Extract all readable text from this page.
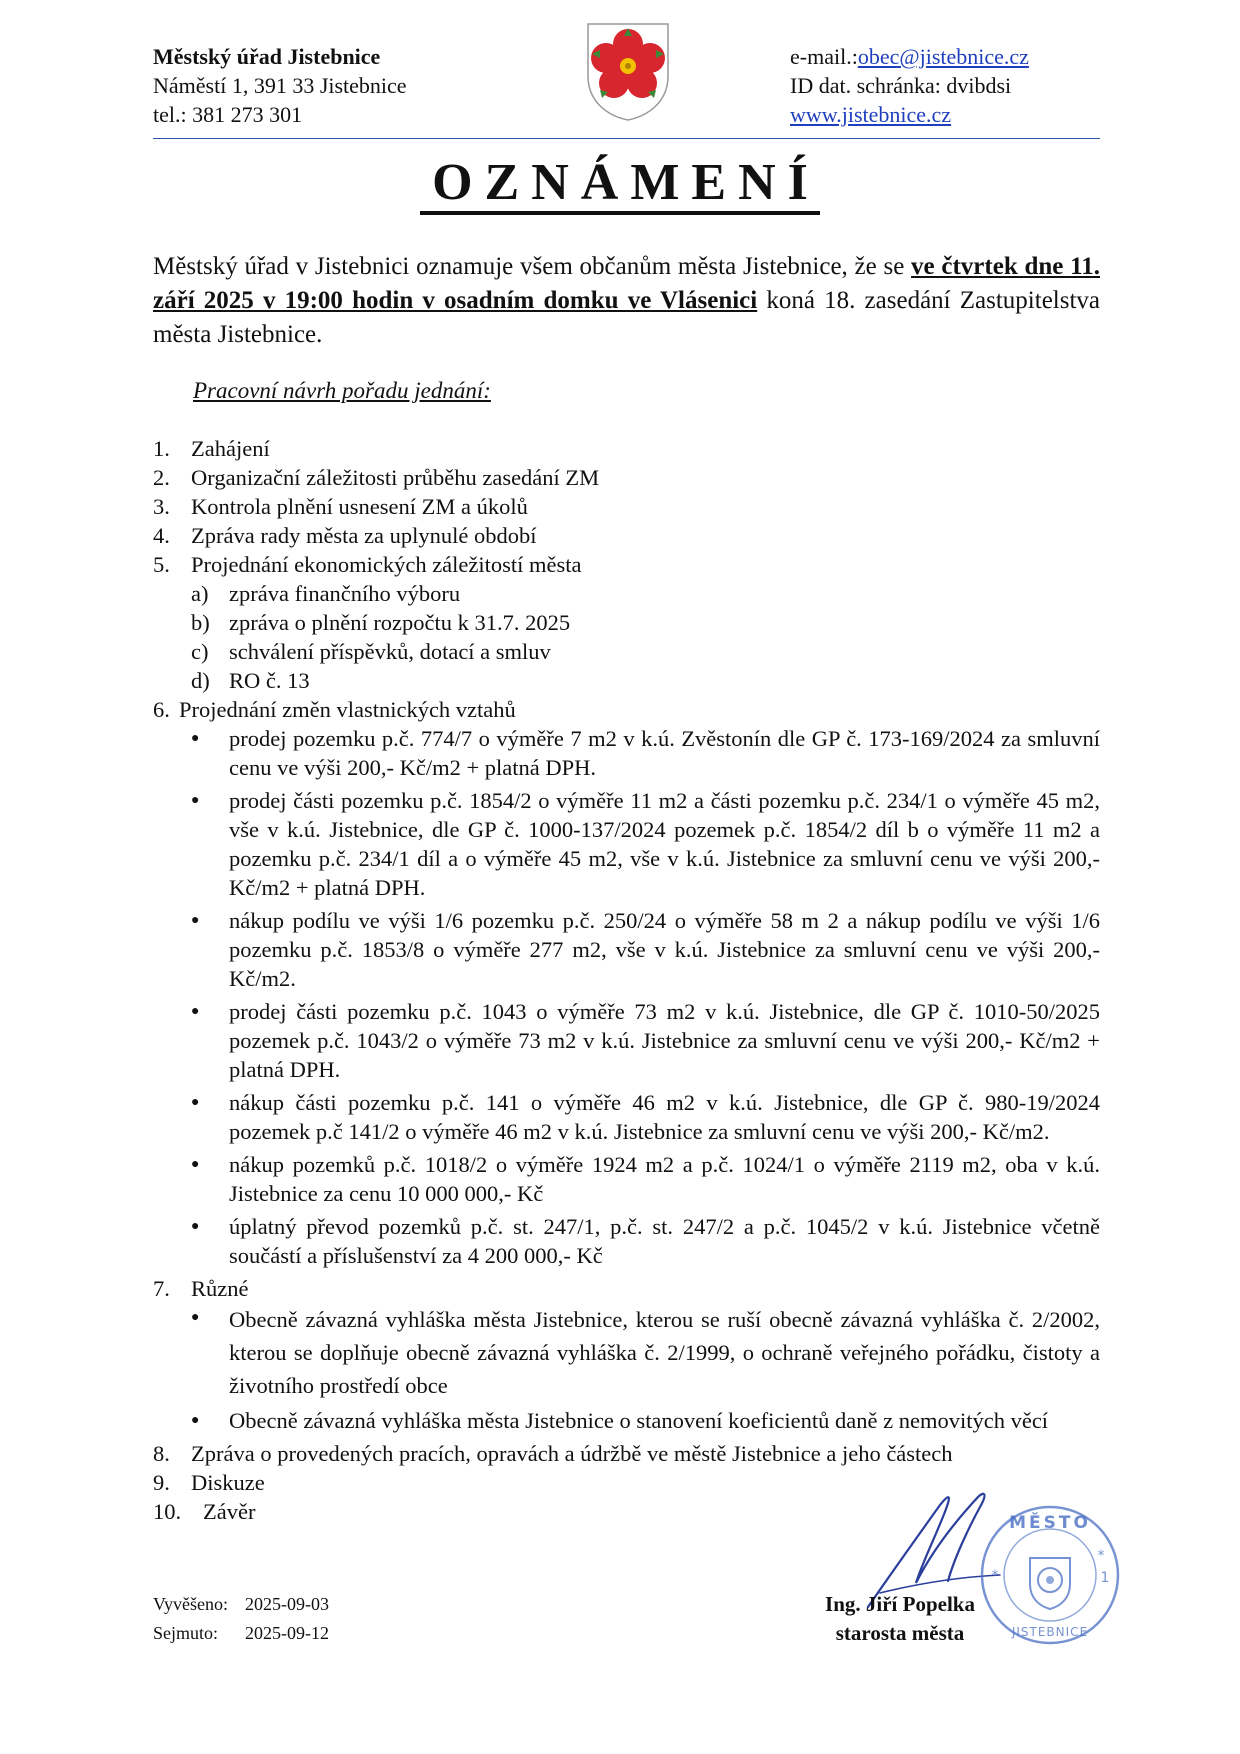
Městský úřad Jistebnice
Náměstí 1, 391 33 Jistebnice
tel.: 381 273 301
e-mail.:obec@jistebnice.cz
ID dat. schránka: dvibdsi
www.jistebnice.cz
OZNÁMENÍ
Městský úřad v Jistebnici oznamuje všem občanům města Jistebnice, že se ve čtvrtek dne 11. září 2025 v 19:00 hodin v osadním domku ve Vlásenici koná 18. zasedání Zastupitelstva města Jistebnice.
Pracovní návrh pořadu jednání:
1. Zahájení
2. Organizační záležitosti průběhu zasedání ZM
3. Kontrola plnění usnesení ZM a úkolů
4. Zpráva rady města za uplynulé období
5. Projednání ekonomických záležitostí města
a) zpráva finančního výboru
b) zpráva o plnění rozpočtu k 31.7. 2025
c) schválení příspěvků, dotací a smluv
d) RO č. 13
6. Projednání změn vlastnických vztahů
●	prodej pozemku p.č. 774/7 o výměře 7 m2 v k.ú. Zvěstonín dle GP č. 173-169/2024 za smluvní cenu ve výši 200,- Kč/m2 + platná DPH.
●	prodej části pozemku p.č. 1854/2 o výměře 11 m2 a části pozemku p.č. 234/1 o výměře 45 m2, vše v k.ú. Jistebnice, dle GP č. 1000-137/2024 pozemek p.č. 1854/2 díl b o výměře 11 m2 a pozemku p.č. 234/1 díl a o výměře 45 m2, vše v k.ú. Jistebnice za smluvní cenu ve výši 200,- Kč/m2 + platná DPH.
●	nákup podílu ve výši 1/6 pozemku p.č. 250/24 o výměře 58 m 2 a nákup podílu ve výši 1/6 pozemku p.č. 1853/8 o výměře 277 m2, vše v k.ú. Jistebnice za smluvní cenu ve výši 200,- Kč/m2.
●	prodej části pozemku p.č. 1043 o výměře 73 m2 v k.ú. Jistebnice, dle GP č. 1010-50/2025 pozemek p.č. 1043/2 o výměře 73 m2 v k.ú. Jistebnice za smluvní cenu ve výši 200,- Kč/m2 + platná DPH.
●	nákup části pozemku p.č. 141 o výměře 46 m2 v k.ú. Jistebnice, dle GP č. 980-19/2024 pozemek p.č 141/2 o výměře 46 m2 v k.ú. Jistebnice za smluvní cenu ve výši 200,- Kč/m2.
●	nákup pozemků p.č. 1018/2 o výměře 1924 m2 a p.č. 1024/1 o výměře 2119 m2, oba v k.ú. Jistebnice za cenu 10 000 000,- Kč
●	úplatný převod pozemků p.č. st. 247/1, p.č. st. 247/2 a p.č. 1045/2 v k.ú. Jistebnice včetně součástí a příslušenství za 4 200 000,- Kč
7. Různé
●	Obecně závazná vyhláška města Jistebnice, kterou se ruší obecně závazná vyhláška č. 2/2002, kterou se doplňuje obecně závazná vyhláška č. 2/1999, o ochraně veřejného pořádku, čistoty a životního prostředí obce
●	Obecně závazná vyhláška města Jistebnice o stanovení koeficientů daně z nemovitých věcí
8. Zpráva o provedených pracích, opravách a údržbě ve městě Jistebnice a jeho částech
9. Diskuze
10. Závěr
Vyvěšeno: 2025-09-03
Sejmuto: 2025-09-12
MĚSTO
JISTEBNICE
1
*
*
Ing. Jiří Popelka
starosta města
